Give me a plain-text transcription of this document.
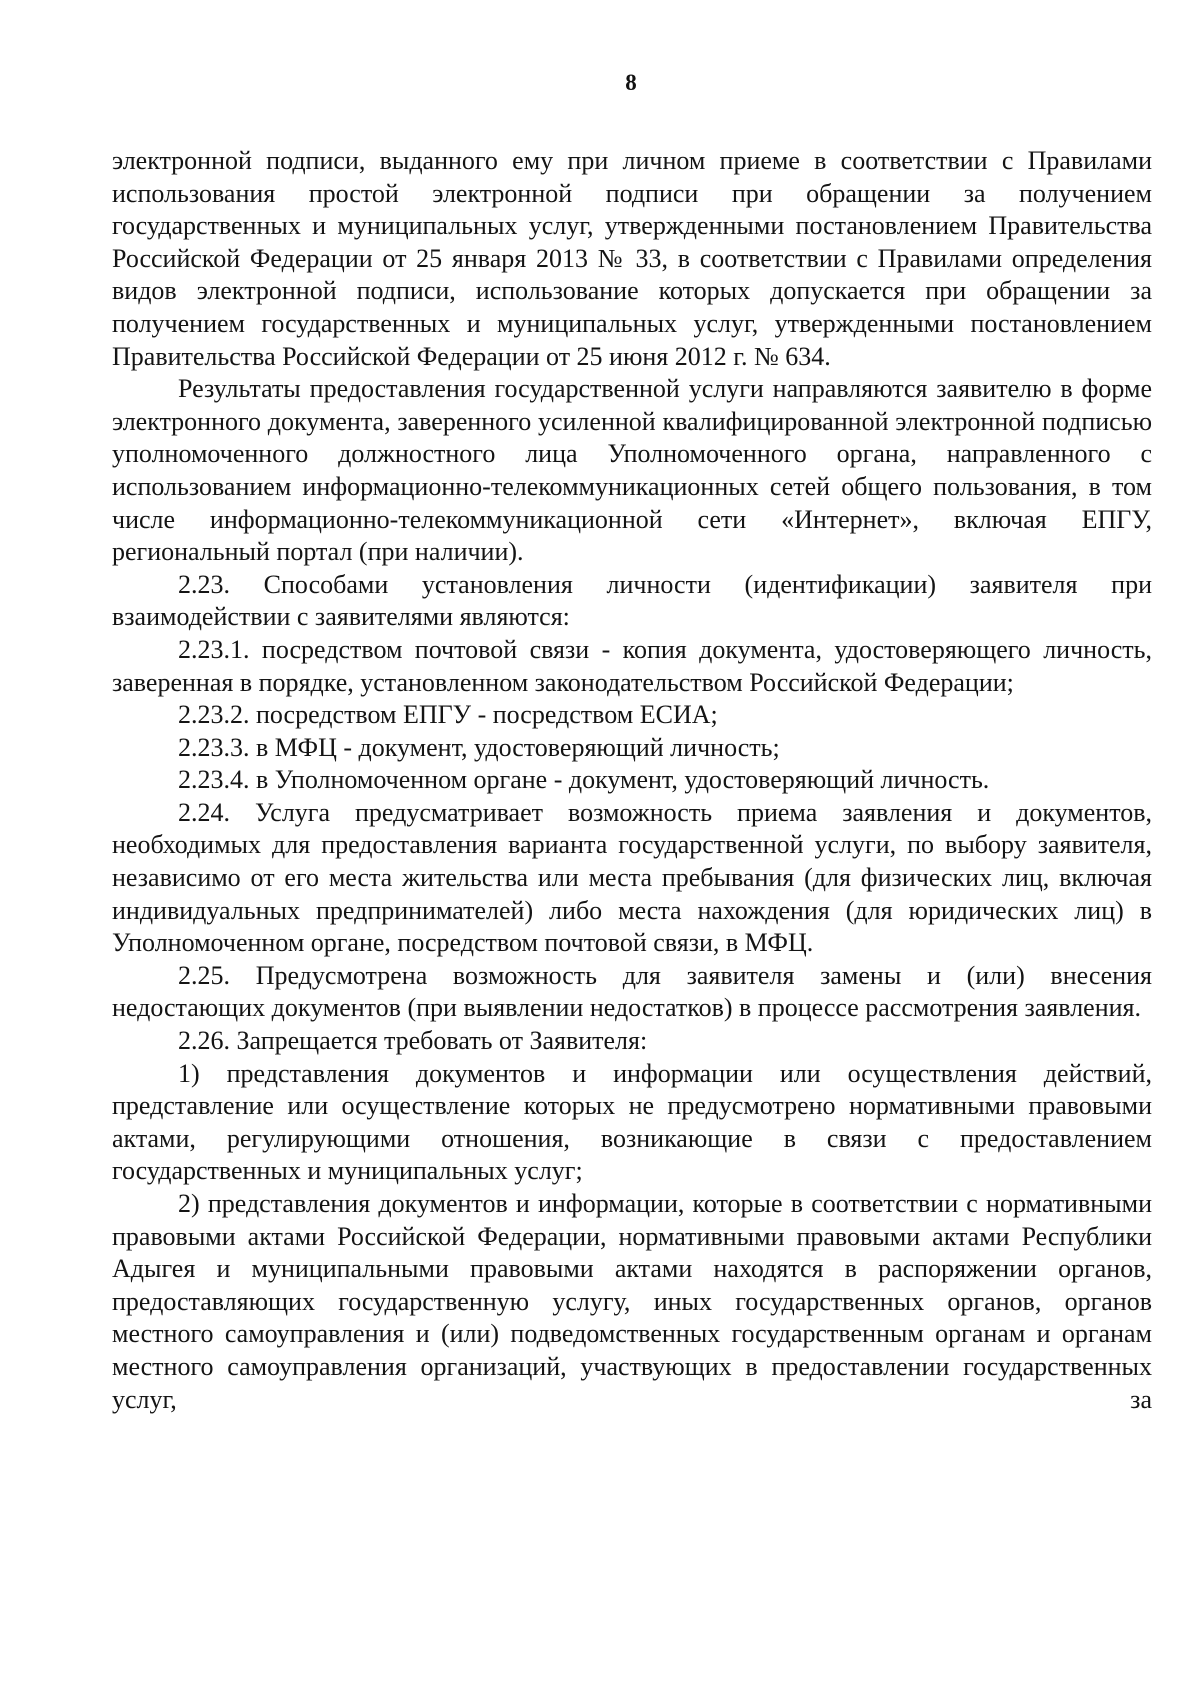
8

электронной подписи, выданного ему при личном приеме в соответствии с Правилами использования простой электронной подписи при обращении за получением государственных и муниципальных услуг, утвержденными постановлением Правительства Российской Федерации от 25 января 2013 № 33, в соответствии с Правилами определения видов электронной подписи, использование которых допускается при обращении за получением государственных и муниципальных услуг, утвержденными постановлением Правительства Российской Федерации от 25 июня 2012 г. № 634.

Результаты предоставления государственной услуги направляются заявителю в форме электронного документа, заверенного усиленной квалифицированной электронной подписью уполномоченного должностного лица Уполномоченного органа, направленного с использованием информационно-телекоммуникационных сетей общего пользования, в том числе информационно-телекоммуникационной сети «Интернет», включая ЕПГУ, региональный портал (при наличии).

2.23. Способами установления личности (идентификации) заявителя при взаимодействии с заявителями являются:

2.23.1. посредством почтовой связи - копия документа, удостоверяющего личность, заверенная в порядке, установленном законодательством Российской Федерации;

2.23.2. посредством ЕПГУ - посредством ЕСИА;

2.23.3. в МФЦ - документ, удостоверяющий личность;

2.23.4. в Уполномоченном органе - документ, удостоверяющий личность.

2.24. Услуга предусматривает возможность приема заявления и документов, необходимых для предоставления варианта государственной услуги, по выбору заявителя, независимо от его места жительства или места пребывания (для физических лиц, включая индивидуальных предпринимателей) либо места нахождения (для юридических лиц) в Уполномоченном органе, посредством почтовой связи, в МФЦ.

2.25. Предусмотрена возможность для заявителя замены и (или) внесения недостающих документов (при выявлении недостатков) в процессе рассмотрения заявления.

2.26. Запрещается требовать от Заявителя:

1) представления документов и информации или осуществления действий, представление или осуществление которых не предусмотрено нормативными правовыми актами, регулирующими отношения, возникающие в связи с предоставлением государственных и муниципальных услуг;

2) представления документов и информации, которые в соответствии с нормативными правовыми актами Российской Федерации, нормативными правовыми актами Республики Адыгея и муниципальными правовыми актами находятся в распоряжении органов, предоставляющих государственную услугу, иных государственных органов, органов местного самоуправления и (или) подведомственных государственным органам и органам местного самоуправления организаций, участвующих в предоставлении государственных услуг, за
